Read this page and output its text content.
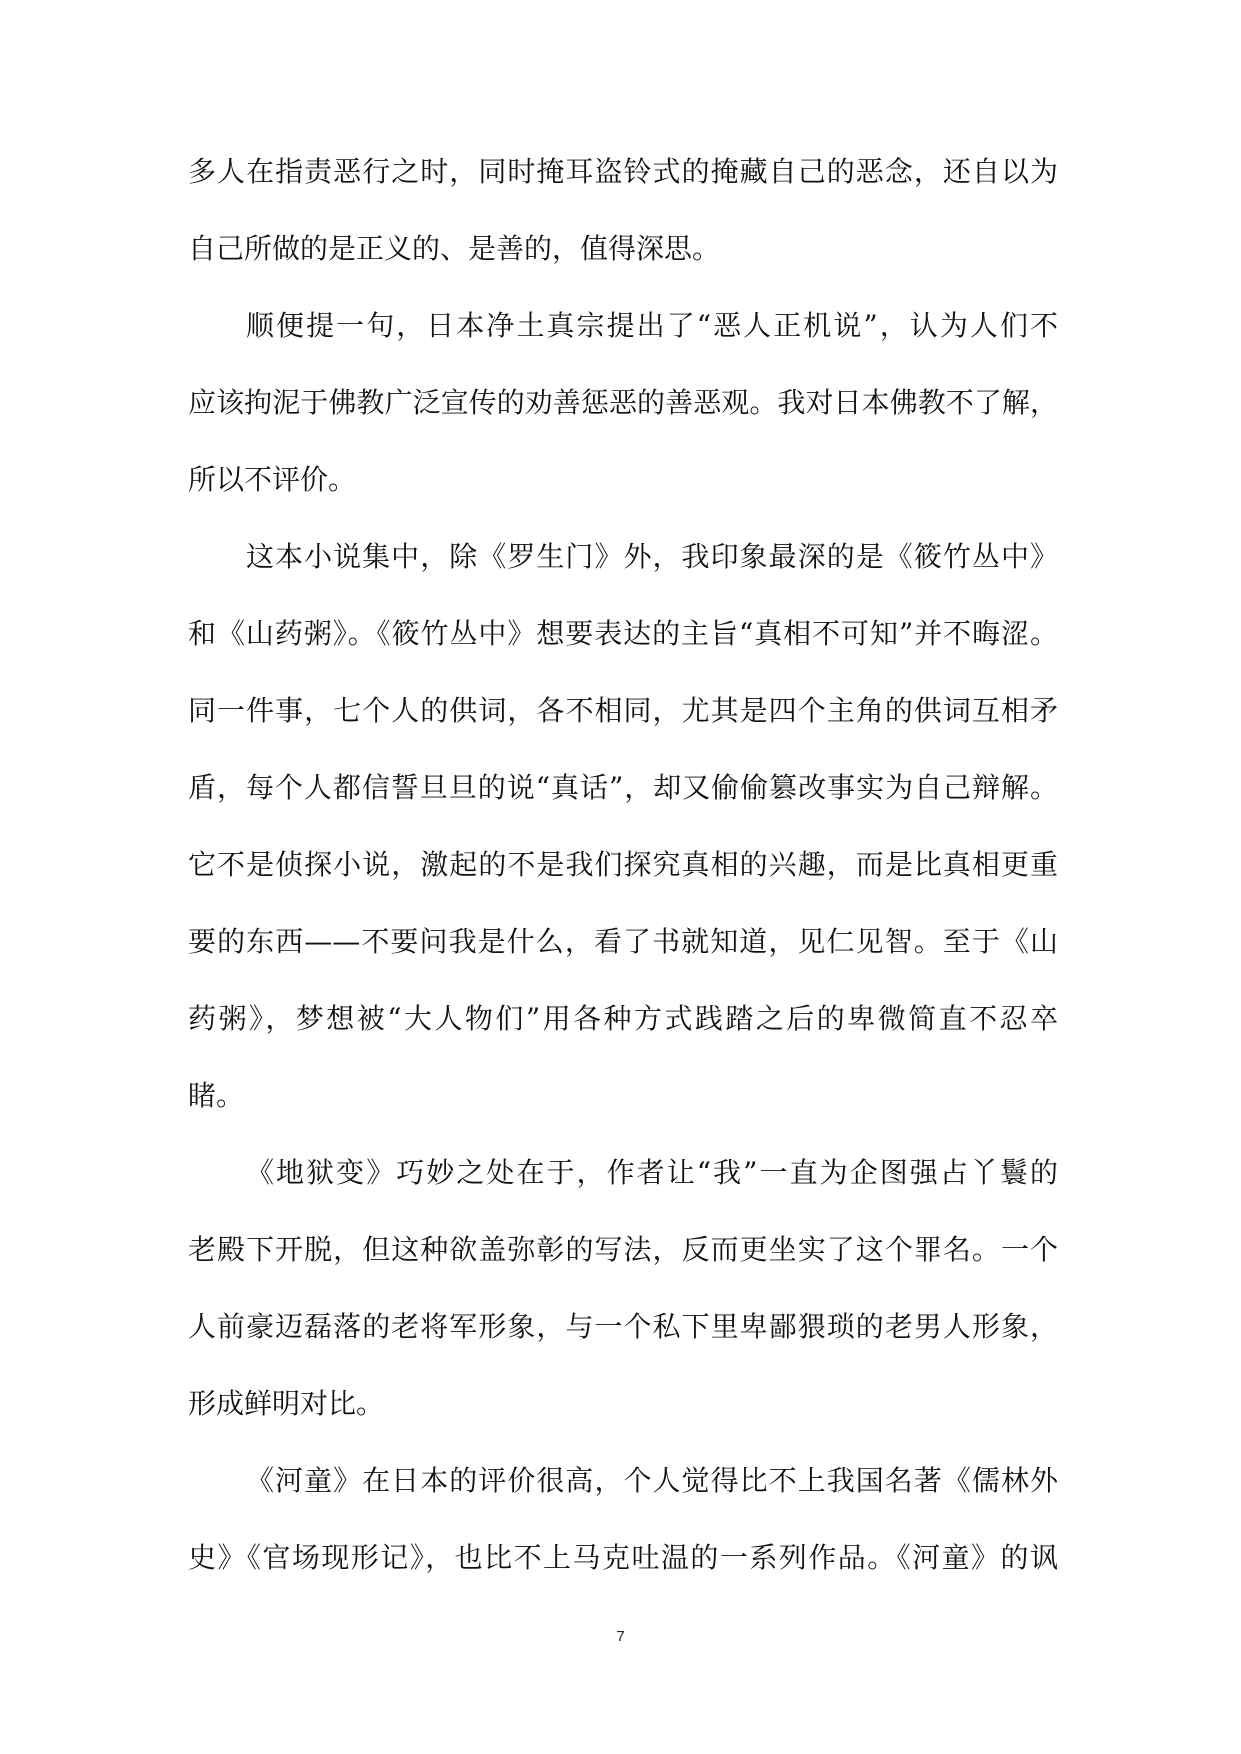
多人在指责恶行之时，同时掩耳盗铃式的掩藏自己的恶念，还自以为
自己所做的是正义的、是善的，值得深思。
顺便提一句，日本净土真宗提出了“恶人正机说”，认为人们不
应该拘泥于佛教广泛宣传的劝善惩恶的善恶观。我对日本佛教不了解，
所以不评价。
这本小说集中，除《罗生门》外，我印象最深的是《筱竹丛中》
和《山药粥》。《筱竹丛中》想要表达的主旨“真相不可知”并不晦涩。
同一件事，七个人的供词，各不相同，尤其是四个主角的供词互相矛
盾，每个人都信誓旦旦的说“真话”，却又偷偷篡改事实为自己辩解。
它不是侦探小说，激起的不是我们探究真相的兴趣，而是比真相更重
要的东西——不要问我是什么，看了书就知道，见仁见智。至于《山
药粥》，梦想被“大人物们”用各种方式践踏之后的卑微简直不忍卒
睹。
《地狱变》巧妙之处在于，作者让“我”一直为企图强占丫鬟的
老殿下开脱，但这种欲盖弥彰的写法，反而更坐实了这个罪名。一个
人前豪迈磊落的老将军形象，与一个私下里卑鄙猥琐的老男人形象，
形成鲜明对比。
《河童》在日本的评价很高，个人觉得比不上我国名著《儒林外
史》《官场现形记》，也比不上马克吐温的一系列作品。《河童》的讽
7
